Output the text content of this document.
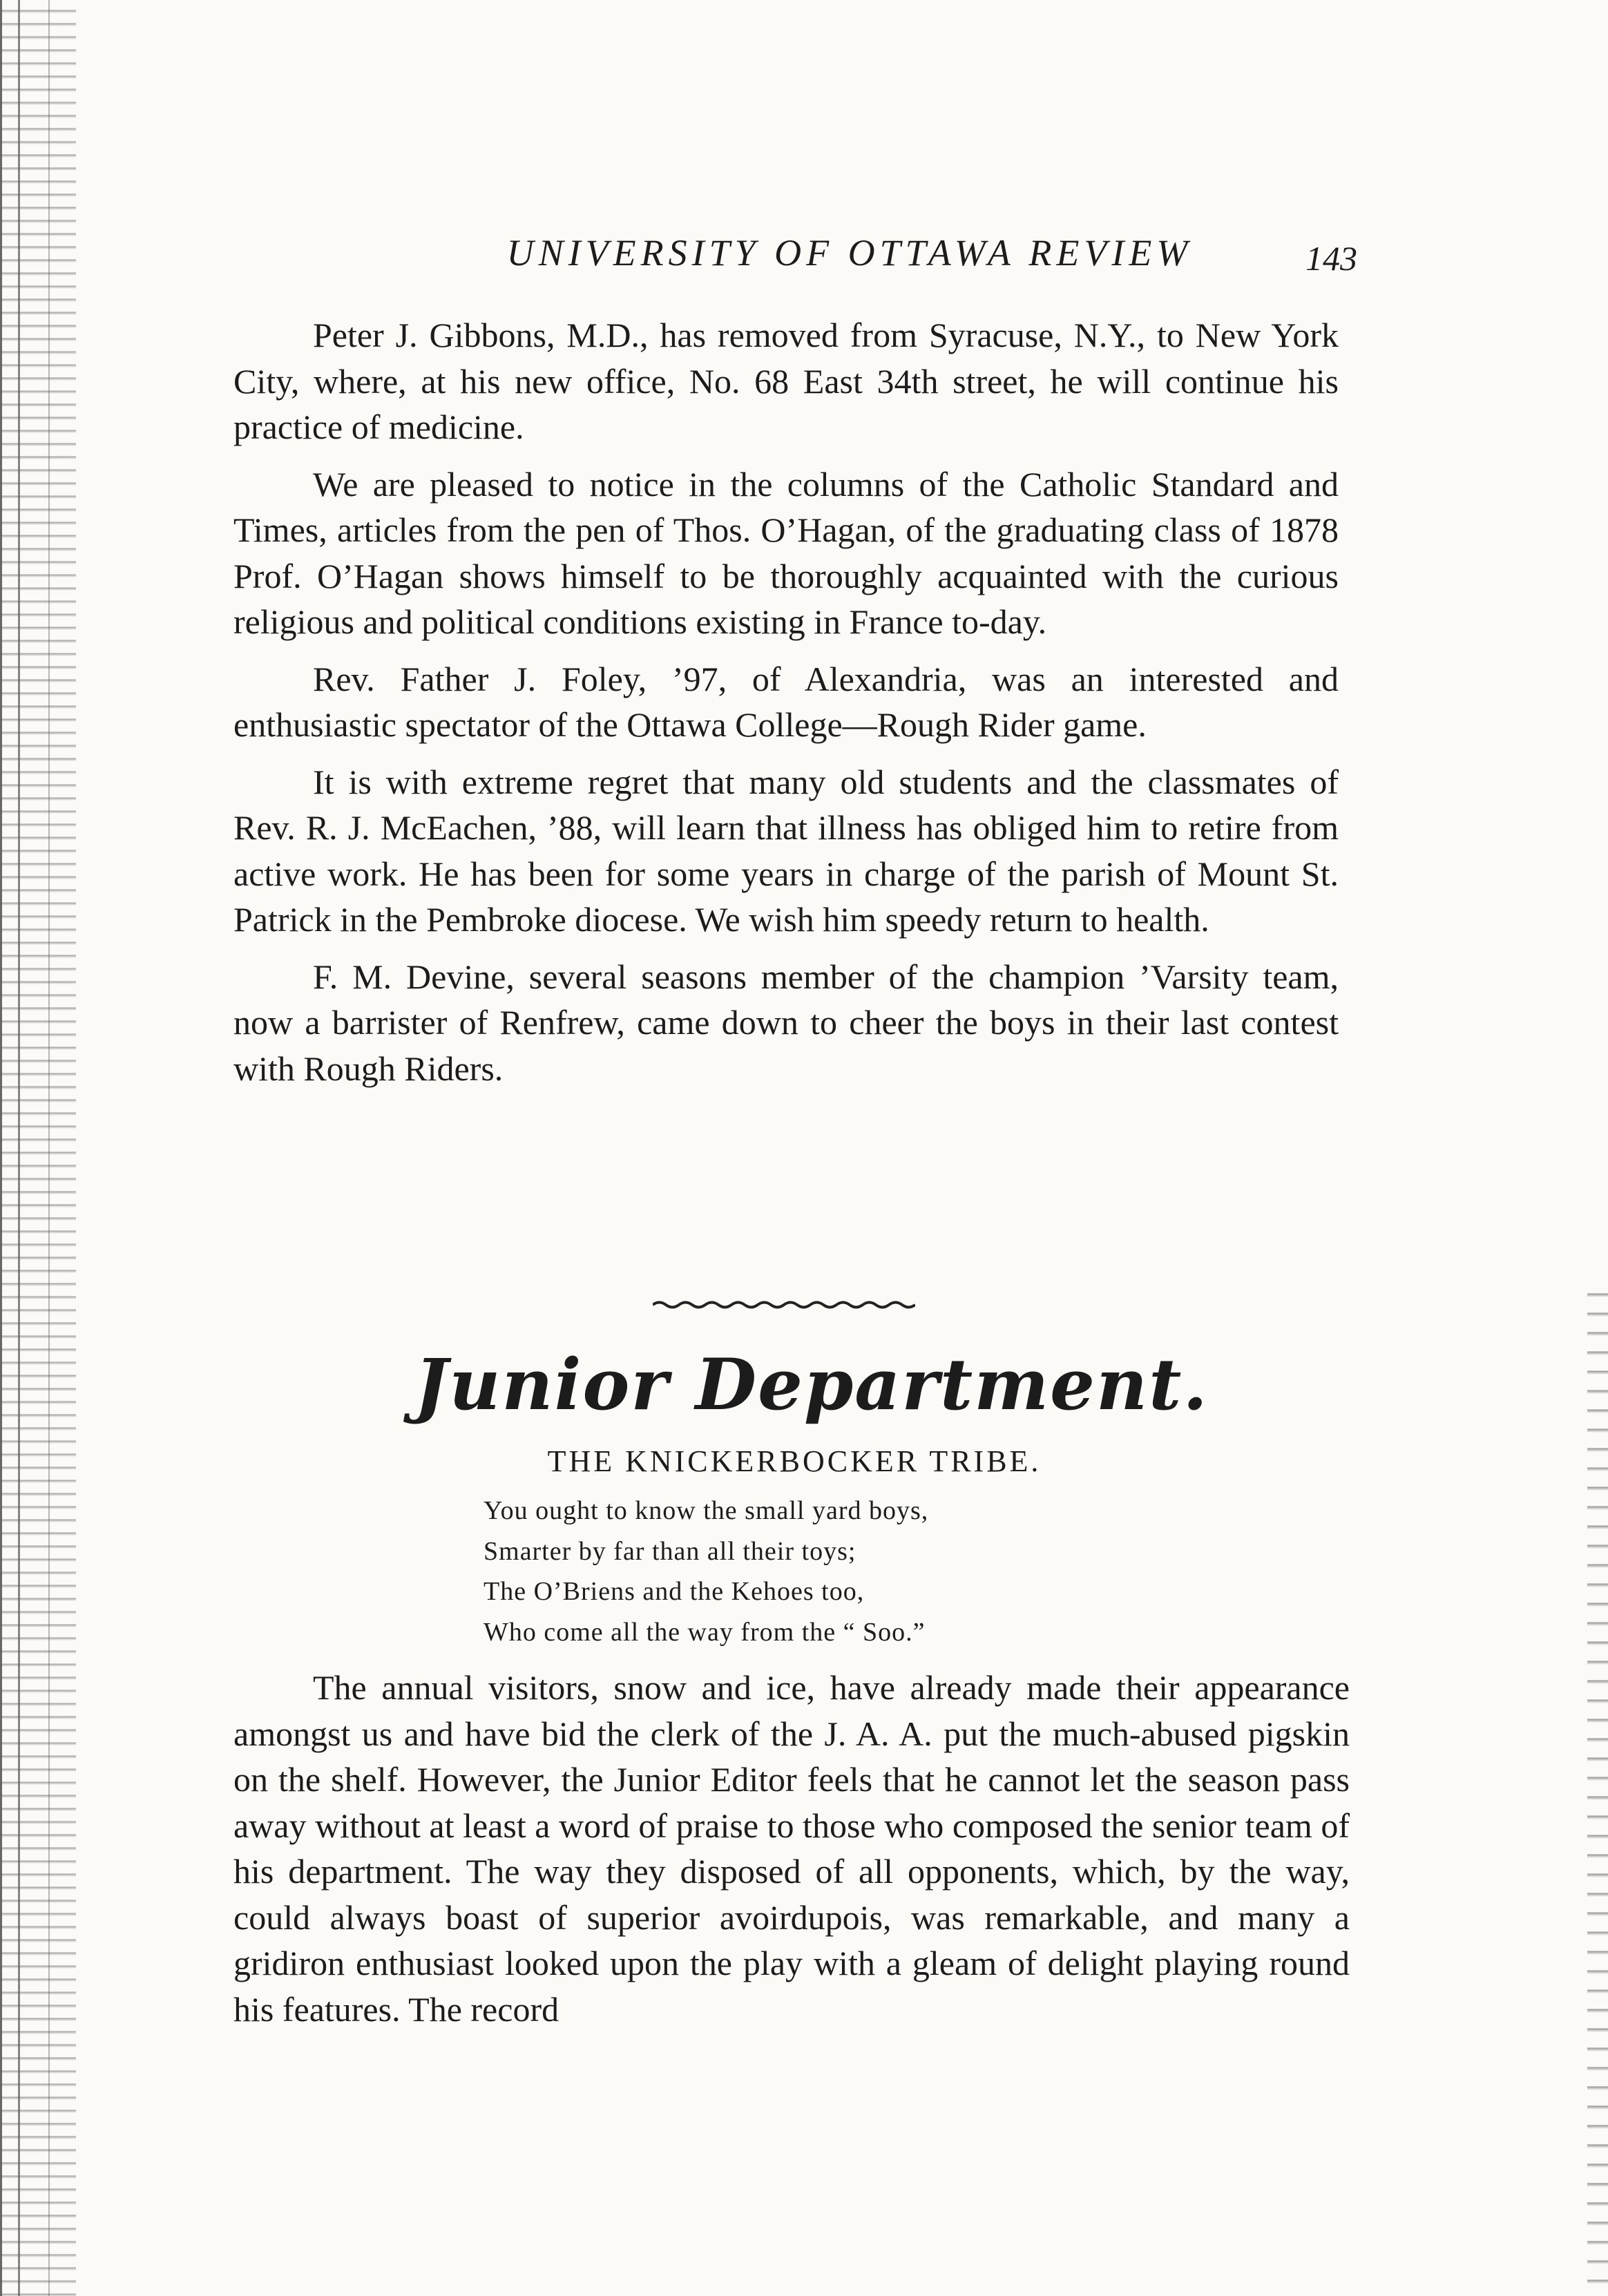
UNIVERSITY OF OTTAWA REVIEW	143

Peter J. Gibbons, M.D., has removed from Syracuse, N.Y., to New York City, where, at his new office, No. 68 East 34th street, he will continue his practice of medicine.

We are pleased to notice in the columns of the Catholic Standard and Times, articles from the pen of Thos. O’Hagan, of the graduating class of 1878 Prof. O’Hagan shows himself to be thoroughly acquainted with the curious religious and political conditions existing in France to-day.

Rev. Father J. Foley, ’97, of Alexandria, was an interested and enthusiastic spectator of the Ottawa College—Rough Rider game.

It is with extreme regret that many old students and the classmates of Rev. R. J. McEachen, ’88, will learn that illness has obliged him to retire from active work. He has been for some years in charge of the parish of Mount St. Patrick in the Pembroke diocese. We wish him speedy return to health.

F. M. Devine, several seasons member of the champion ’Varsity team, now a barrister of Renfrew, came down to cheer the boys in their last contest with Rough Riders.

Junior Department.
THE KNICKERBOCKER TRIBE.
You ought to know the small yard boys,
Smarter by far than all their toys;
The O’Briens and the Kehoes too,
Who come all the way from the “ Soo.”

The annual visitors, snow and ice, have already made their appearance amongst us and have bid the clerk of the J. A. A. put the much-abused pigskin on the shelf. However, the Junior Editor feels that he cannot let the season pass away without at least a word of praise to those who composed the senior team of his department. The way they disposed of all opponents, which, by the way, could always boast of superior avoirdupois, was remarkable, and many a gridiron enthusiast looked upon the play with a gleam of delight playing round his features. The record
